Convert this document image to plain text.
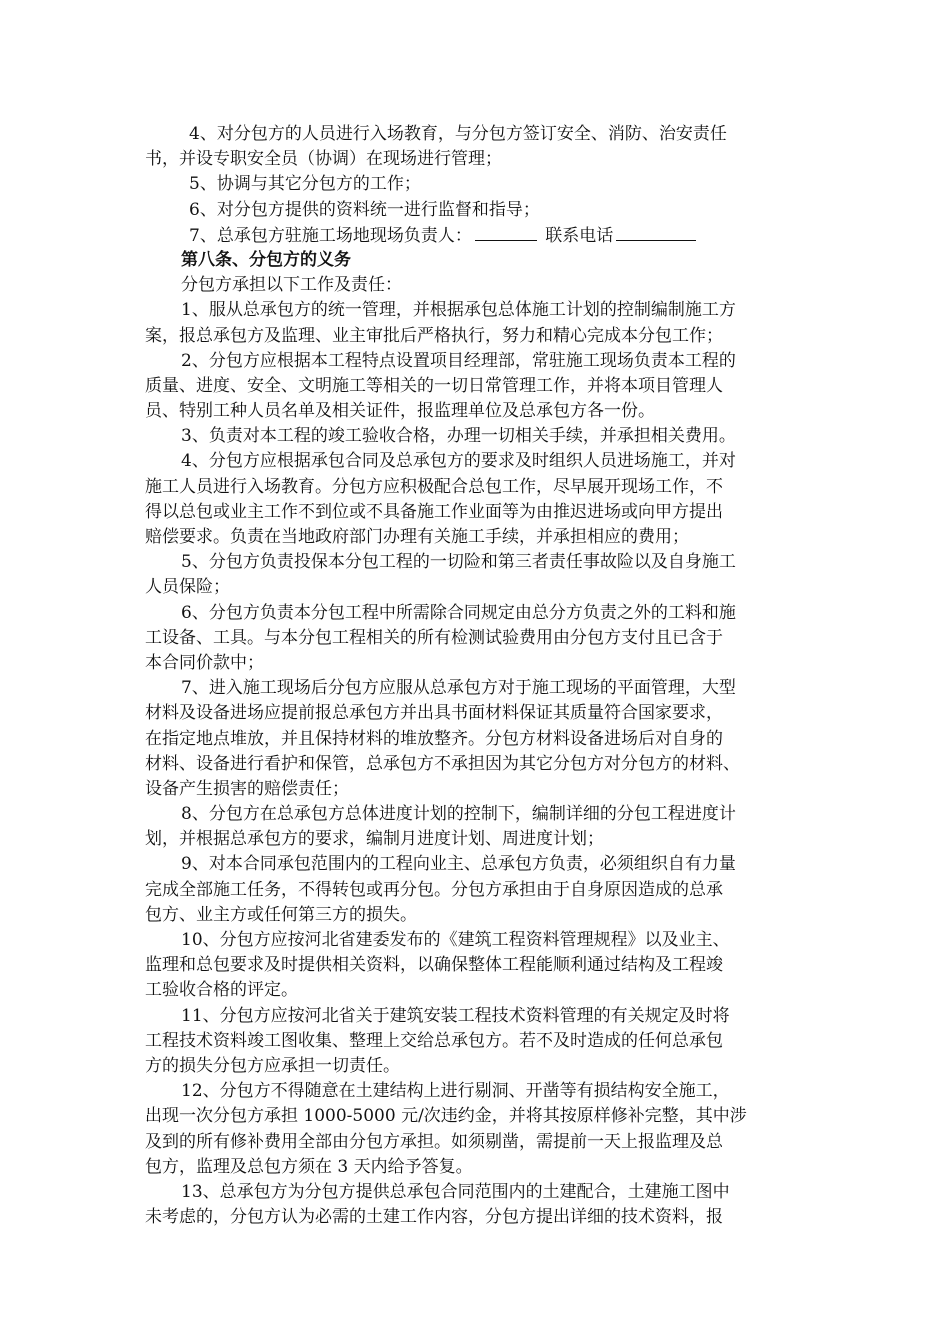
4、对分包方的人员进行入场教育，与分包方签订安全、消防、治安责任
书，并设专职安全员（协调）在现场进行管理；
5、协调与其它分包方的工作；
6、对分包方提供的资料统一进行监督和指导；
7、总承包方驻施工场地现场负责人：	联系电话
第八条、分包方的义务
分包方承担以下工作及责任：
1、服从总承包方的统一管理，并根据承包总体施工计划的控制编制施工方
案，报总承包方及监理、业主审批后严格执行，努力和精心完成本分包工作；
2、分包方应根据本工程特点设置项目经理部，常驻施工现场负责本工程的
质量、进度、安全、文明施工等相关的一切日常管理工作，并将本项目管理人
员、特别工种人员名单及相关证件，报监理单位及总承包方各一份。
3、负责对本工程的竣工验收合格，办理一切相关手续，并承担相关费用。
4、分包方应根据承包合同及总承包方的要求及时组织人员进场施工，并对
施工人员进行入场教育。分包方应积极配合总包工作，尽早展开现场工作，不
得以总包或业主工作不到位或不具备施工作业面等为由推迟进场或向甲方提出
赔偿要求。负责在当地政府部门办理有关施工手续，并承担相应的费用；
5、分包方负责投保本分包工程的一切险和第三者责任事故险以及自身施工
人员保险；
6、分包方负责本分包工程中所需除合同规定由总分方负责之外的工料和施
工设备、工具。与本分包工程相关的所有检测试验费用由分包方支付且已含于
本合同价款中；
7、进入施工现场后分包方应服从总承包方对于施工现场的平面管理，大型
材料及设备进场应提前报总承包方并出具书面材料保证其质量符合国家要求，
在指定地点堆放，并且保持材料的堆放整齐。分包方材料设备进场后对自身的
材料、设备进行看护和保管，总承包方不承担因为其它分包方对分包方的材料、
设备产生损害的赔偿责任；
8、分包方在总承包方总体进度计划的控制下，编制详细的分包工程进度计
划，并根据总承包方的要求，编制月进度计划、周进度计划；
9、对本合同承包范围内的工程向业主、总承包方负责，必须组织自有力量
完成全部施工任务，不得转包或再分包。分包方承担由于自身原因造成的总承
包方、业主方或任何第三方的损失。
10、分包方应按河北省建委发布的《建筑工程资料管理规程》以及业主、
监理和总包要求及时提供相关资料，以确保整体工程能顺利通过结构及工程竣
工验收合格的评定。
11、分包方应按河北省关于建筑安装工程技术资料管理的有关规定及时将
工程技术资料竣工图收集、整理上交给总承包方。若不及时造成的任何总承包
方的损失分包方应承担一切责任。
12、分包方不得随意在土建结构上进行剔洞、开凿等有损结构安全施工，
出现一次分包方承担 1000-5000 元/次违约金，并将其按原样修补完整，其中涉
及到的所有修补费用全部由分包方承担。如须剔凿，需提前一天上报监理及总
包方，监理及总包方须在 3 天内给予答复。
13、总承包方为分包方提供总承包合同范围内的土建配合，土建施工图中
未考虑的，分包方认为必需的土建工作内容，分包方提出详细的技术资料，报
